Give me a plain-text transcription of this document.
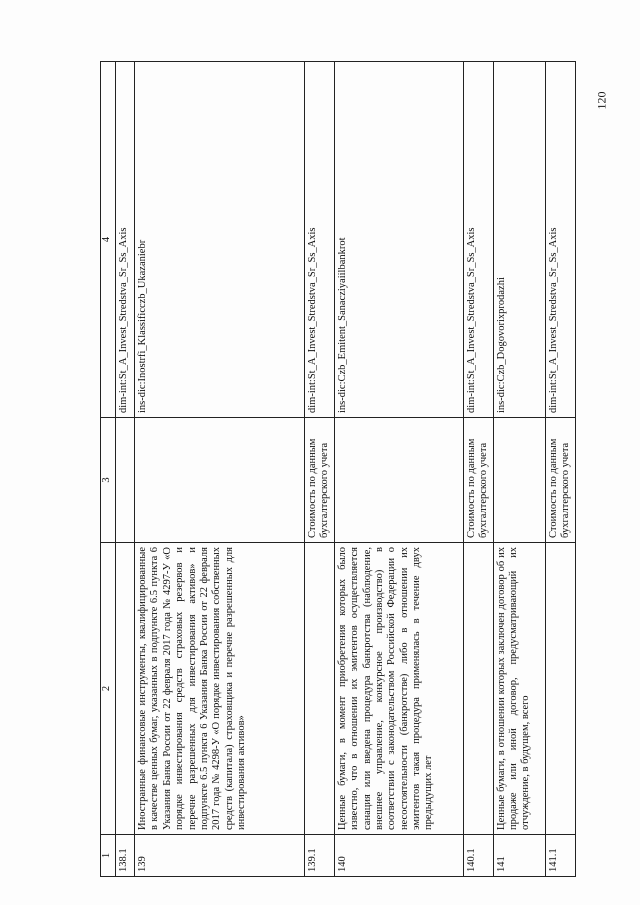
120
1	2	3	4
138.1			dim-int:St_A_Invest_Stredstva_Sr_Ss_Axis
139	Иностранные финансовые инструменты, квалифицированные в качестве ценных бумаг, указанных в подпункте 6.5 пункта 6 Указания Банка России от 22 февраля 2017 года № 4297-У «О порядке инвестирования средств страховых резервов и перечне разрешенных для инвестирования активов» и подпункте 6.5 пункта 6 Указания Банка России от 22 февраля 2017 года № 4298-У «О порядке инвестирования собственных средств (капитала) страховщика и перечне разрешенных для инвестирования активов»		ins-dic:Inostrfi_Klassificczb_Ukazaniebr
139.1		Стоимость по данным бухгалтерского учета	dim-int:St_A_Invest_Stredstva_Sr_Ss_Axis
140	Ценные бумаги, в момент приобретения которых было известно, что в отношении их эмитентов осуществляется санация или введена процедура банкротства (наблюдение, внешнее управление, конкурсное производство) в соответствии с законодательством Российской Федерации о несостоятельности (банкротстве) либо в отношении их эмитентов такая процедура применялась в течение двух предыдущих лет		ins-dic:Czb_Emitent_Sanacziyaiilbankrot
140.1		Стоимость по данным бухгалтерского учета	dim-int:St_A_Invest_Stredstva_Sr_Ss_Axis
141	Ценные бумаги, в отношении которых заключен договор об их продаже или иной договор, предусматривающий их отчуждение, в будущем, всего		ins-dic:Czb_Dogovorixprodazhi
141.1		Стоимость по данным бухгалтерского учета	dim-int:St_A_Invest_Stredstva_Sr_Ss_Axis
